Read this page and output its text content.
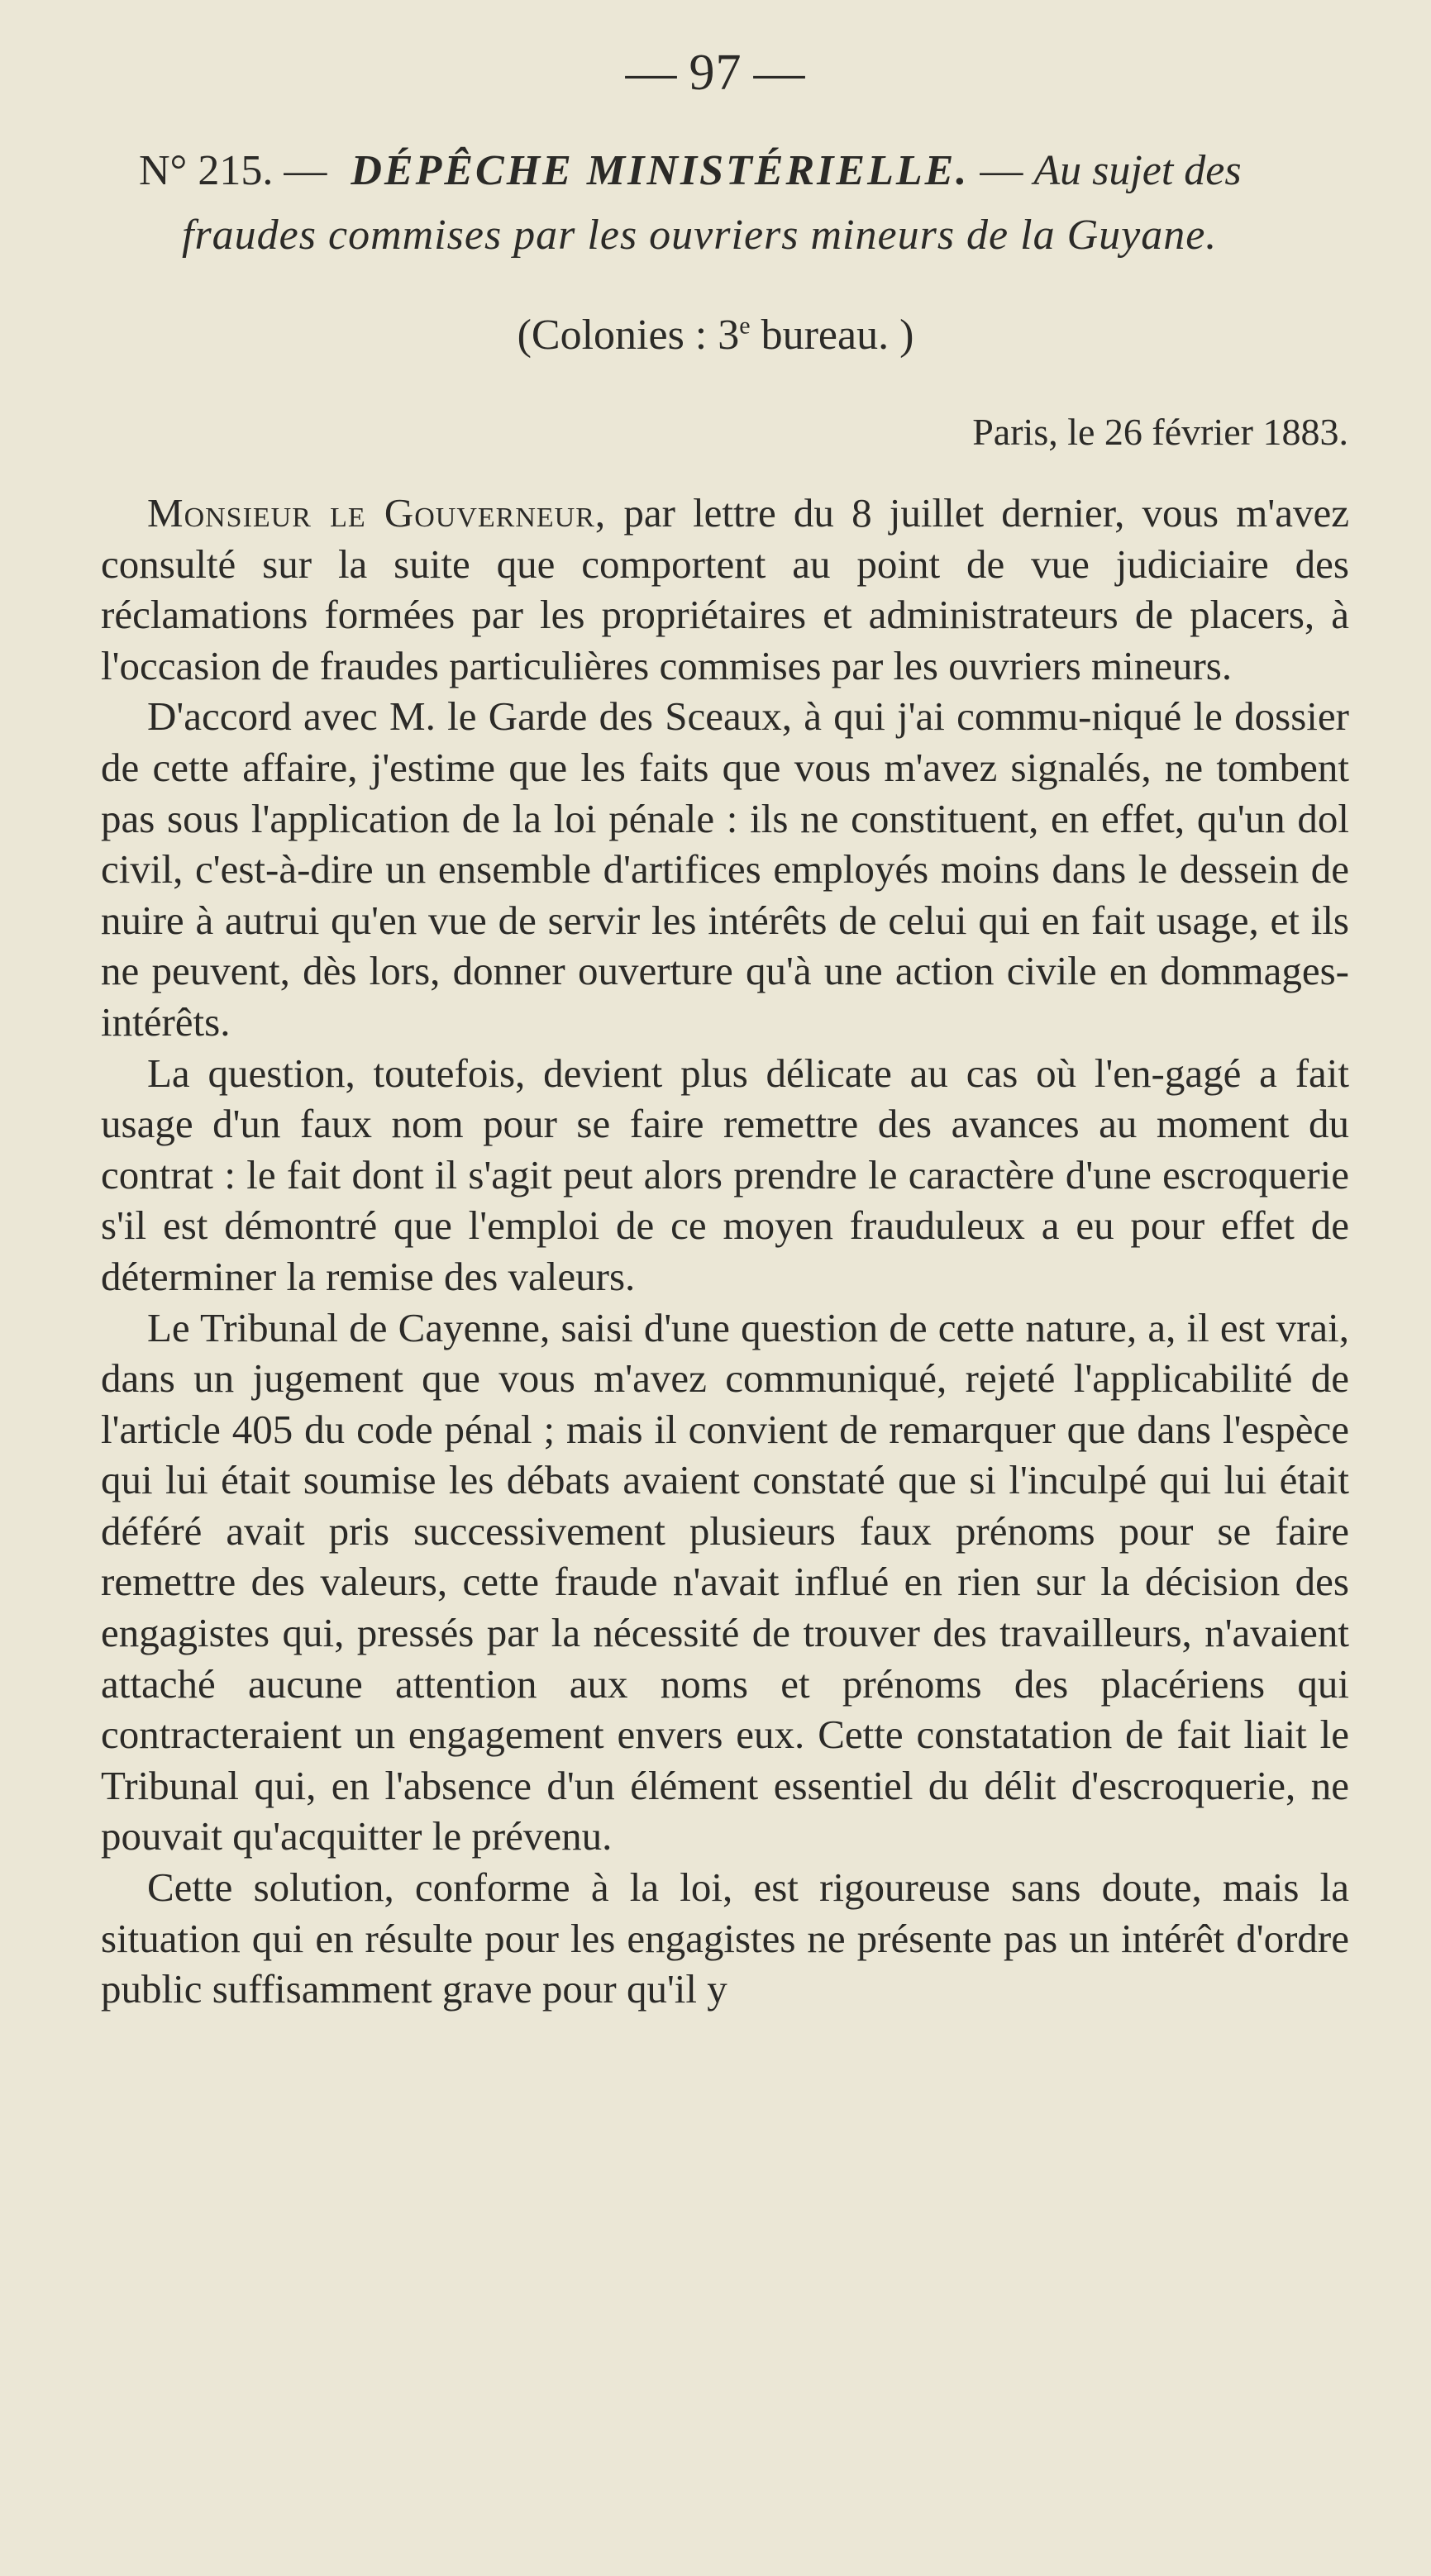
— 97 —
N° 215. — DÉPÊCHE MINISTÉRIELLE. — Au sujet des
fraudes commises par les ouvriers mineurs de la Guyane.
(Colonies : 3e bureau. )
Paris, le 26 février 1883.

Monsieur le Gouverneur, par lettre du 8 juillet dernier, vous m'avez consulté sur la suite que comportent au point de vue judiciaire des réclamations formées par les propriétaires et administrateurs de placers, à l'occasion de fraudes particulières commises par les ouvriers mineurs.

D'accord avec M. le Garde des Sceaux, à qui j'ai commu-niqué le dossier de cette affaire, j'estime que les faits que vous m'avez signalés, ne tombent pas sous l'application de la loi pénale : ils ne constituent, en effet, qu'un dol civil, c'est-à-dire un ensemble d'artifices employés moins dans le dessein de nuire à autrui qu'en vue de servir les intérêts de celui qui en fait usage, et ils ne peuvent, dès lors, donner ouverture qu'à une action civile en dommages-intérêts.

La question, toutefois, devient plus délicate au cas où l'en-gagé a fait usage d'un faux nom pour se faire remettre des avances au moment du contrat : le fait dont il s'agit peut alors prendre le caractère d'une escroquerie s'il est démontré que l'emploi de ce moyen frauduleux a eu pour effet de déterminer la remise des valeurs.

Le Tribunal de Cayenne, saisi d'une question de cette nature, a, il est vrai, dans un jugement que vous m'avez communiqué, rejeté l'applicabilité de l'article 405 du code pénal ; mais il convient de remarquer que dans l'espèce qui lui était soumise les débats avaient constaté que si l'inculpé qui lui était déféré avait pris successivement plusieurs faux prénoms pour se faire remettre des valeurs, cette fraude n'avait influé en rien sur la décision des engagistes qui, pressés par la nécessité de trouver des travailleurs, n'avaient attaché aucune attention aux noms et prénoms des placériens qui contracteraient un engagement envers eux. Cette constatation de fait liait le Tribunal qui, en l'absence d'un élément essentiel du délit d'escroquerie, ne pouvait qu'acquitter le prévenu.

Cette solution, conforme à la loi, est rigoureuse sans doute, mais la situation qui en résulte pour les engagistes ne présente pas un intérêt d'ordre public suffisamment grave pour qu'il y
